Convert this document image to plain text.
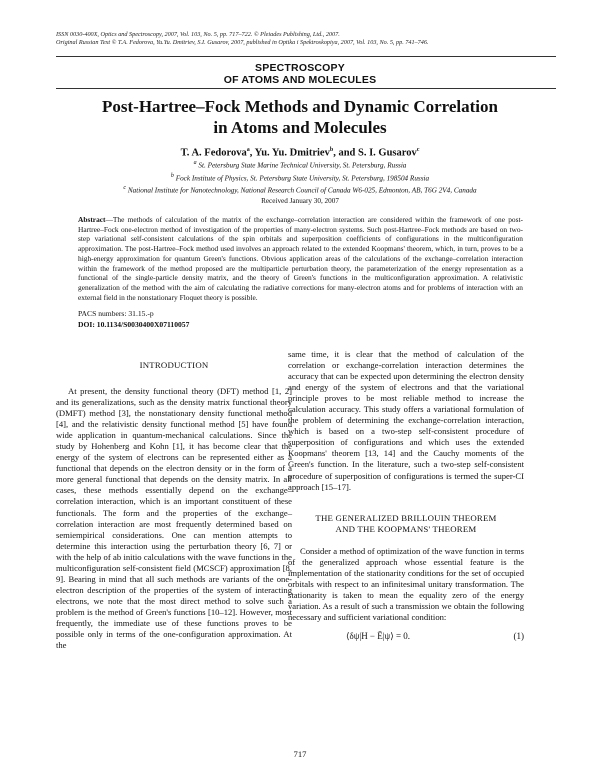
ISSN 0030-400X, Optics and Spectroscopy, 2007, Vol. 103, No. 5, pp. 717–722. © Pleiades Publishing, Ltd., 2007.
Original Russian Text © T.A. Fedorova, Yu.Yu. Dmitriev, S.I. Gusarov, 2007, published in Optika i Spektroskopiya, 2007, Vol. 103, No. 5, pp. 741–746.
SPECTROSCOPY
OF ATOMS AND MOLECULES
Post-Hartree–Fock Methods and Dynamic Correlation
in Atoms and Molecules
T. A. Fedorova$^a$, Yu. Yu. Dmitriev$^b$, and S. I. Gusarov$^c$
$^a$ St. Petersburg State Marine Technical University, St. Petersburg, Russia
$^b$ Fock Institute of Physics, St. Petersburg State University, St. Petersburg, 198504 Russia
$^c$ National Institute for Nanotechnology, National Research Council of Canada W6-025, Edmonton, AB, T6G 2V4, Canada
Received January 30, 2007
Abstract—The methods of calculation of the matrix of the exchange–correlation interaction are considered within the framework of one post-Hartree–Fock one-electron method of investigation of the properties of many-electron systems. Such post-Hartree–Fock methods are based on two-step variational self-consistent calculations of the spin orbitals and superposition coefficients of configurations in the multiconfiguration approximation. The post-Hartree–Fock method used involves an approach related to the extended Koopmans' theorem, which, in turn, proves to be a high-energy approximation for quantum Green's functions. Obvious application areas of the calculations of the exchange–correlation interaction within the framework of the method proposed are the multiparticle perturbation theory, the parameterization of the energy representation as a functional of the single-particle density matrix, and the theory of Green's functions in the multiconfiguration approximation. A relativistic generalization of the method with the aim of calculating the radiative corrections for many-electron atoms and for problems of interaction with an external field in the nonstationary Floquet theory is possible.
PACS numbers: 31.15.-p
DOI: 10.1134/S0030400X07110057
INTRODUCTION

At present, the density functional theory (DFT) method [1, 2] and its generalizations, such as the density matrix functional theory (DMFT) method [3], the nonstationary density functional method [4], and the relativistic density functional method [5] have found wide application in quantum-mechanical calculations. Since the study by Hohenberg and Kohn [1], it has become clear that the energy of the system of electrons can be represented either as a functional that depends on the electron density or in the form of a more general functional that depends on the density matrix. In all cases, these methods essentially depend on the exchange–correlation interaction, which is an important constituent of these functionals. The form and the properties of the exchange–correlation interaction are most frequently determined based on semiempirical considerations. One can mention attempts to determine this interaction using the perturbation theory [6, 7] or with the help of ab initio calculations with the wave functions in the multiconfiguration self-consistent field (MCSCF) approximation [8, 9]. Bearing in mind that all such methods are variants of the one-electron description of the properties of the system of interacting electrons, we note that the most direct method to solve such a problem is the method of Green's functions [10–12]. However, most frequently, the immediate use of these functions proves to be possible only in terms of the one-configuration approximation. At the

same time, it is clear that the method of calculation of the correlation or exchange-correlation interaction determines the accuracy that can be expected upon determining the electron density and energy of the system of electrons and that the variational principle proves to be most reliable method to increase the calculation accuracy. This study offers a variational formulation of the problem of determining the exchange-correlation interaction, which is based on a two-step self-consistent procedure of superposition of configurations and which uses the extended Koopmans' theorem [13, 14] and the Cauchy moments of the Green's function. In the literature, such a two-step self-consistent procedure of superposition of configurations is termed the super-CI approach [15–17].

THE GENERALIZED BRILLOUIN THEOREM
AND THE KOOPMANS' THEOREM

Consider a method of optimization of the wave function in terms of the generalized approach whose essential feature is the implementation of the stationarity conditions for the set of occupied orbitals with respect to an infinitesimal unitary transformation. The stationarity is taken to mean the equality zero of the energy variation. As a result of such a transmission we obtain the following necessary and sufficient variational condition:

⟨δψ|H − Ē|ψ⟩ = 0.	(1)
717
